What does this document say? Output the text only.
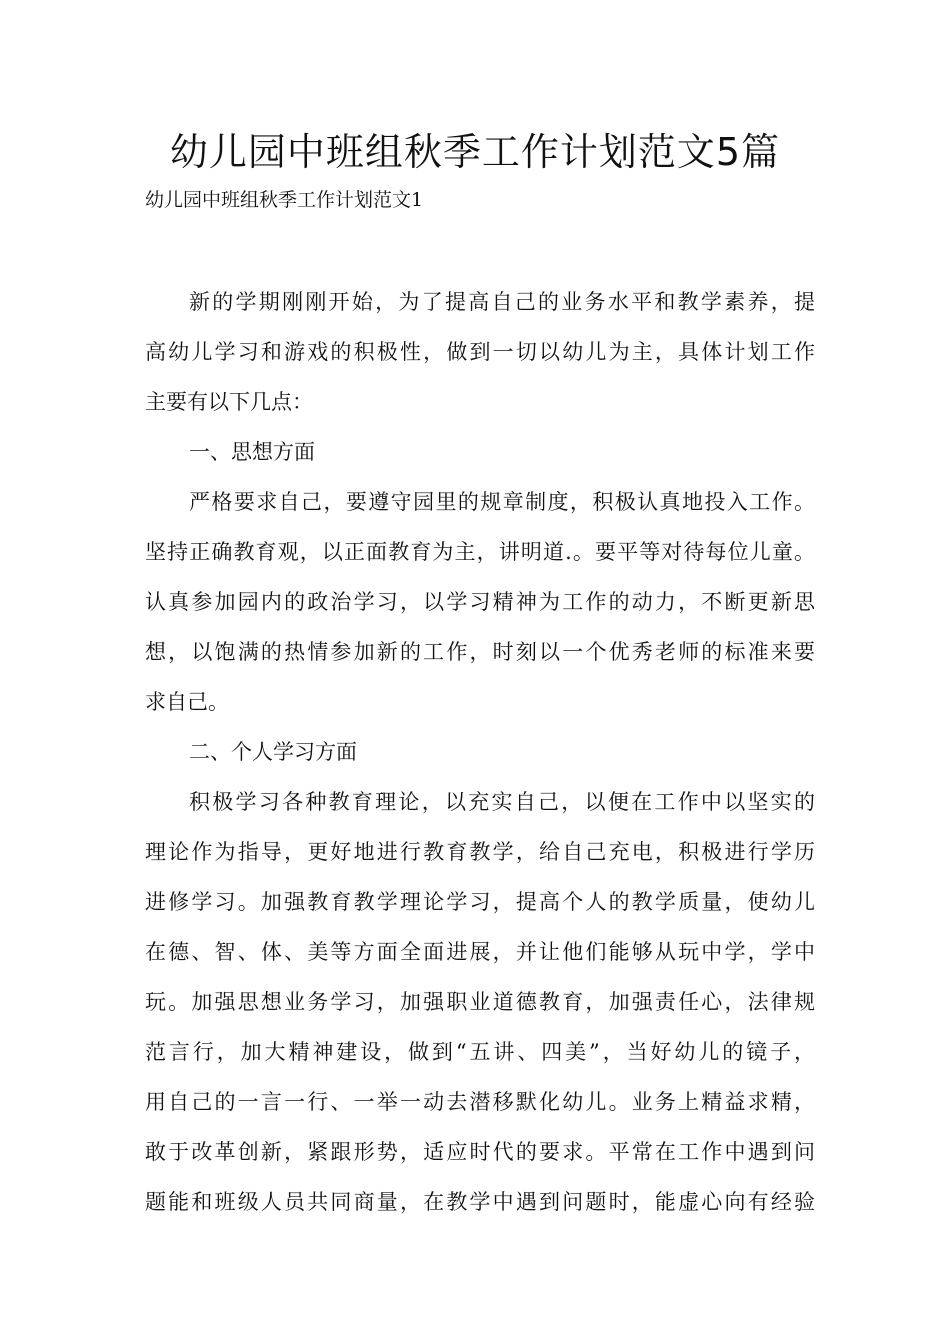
幼儿园中班组秋季工作计划范文5篇

幼儿园中班组秋季工作计划范文1

新的学期刚刚开始，为了提高自己的业务水平和教学素养，提
高幼儿学习和游戏的积极性，做到一切以幼儿为主，具体计划工作
主要有以下几点：
一、思想方面
严格要求自己，要遵守园里的规章制度，积极认真地投入工作。
坚持正确教育观，以正面教育为主，讲明道.。要平等对待每位儿童。
认真参加园内的政治学习，以学习精神为工作的动力，不断更新思
想，以饱满的热情参加新的工作，时刻以一个优秀老师的标准来要
求自己。
二、个人学习方面
积极学习各种教育理论，以充实自己，以便在工作中以坚实的
理论作为指导，更好地进行教育教学，给自己充电，积极进行学历
进修学习。加强教育教学理论学习，提高个人的教学质量，使幼儿
在德、智、体、美等方面全面进展，并让他们能够从玩中学，学中
玩。加强思想业务学习，加强职业道德教育，加强责任心，法律规
范言行，加大精神建设，做到“五讲、四美”，当好幼儿的镜子，
用自己的一言一行、一举一动去潜移默化幼儿。业务上精益求精，
敢于改革创新，紧跟形势，适应时代的要求。平常在工作中遇到问
题能和班级人员共同商量，在教学中遇到问题时，能虚心向有经验
